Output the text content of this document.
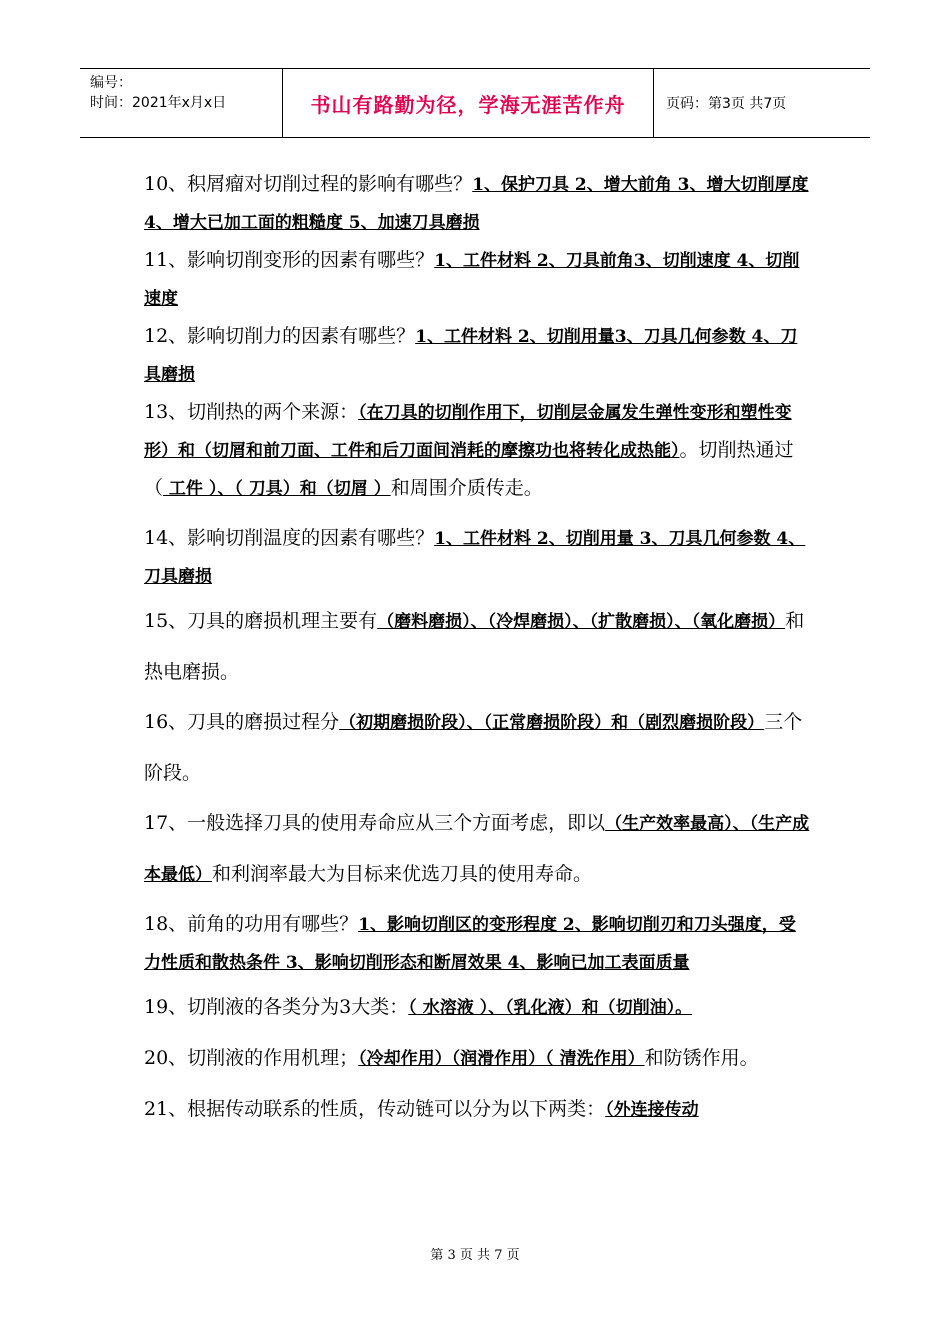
编号：
时间：2021年x月x日	书山有路勤为径，学海无涯苦作舟	页码：第3页 共7页

10、积屑瘤对切削过程的影响有哪些？1、保护刀具 2、增大前角 3、增大切削厚度 4、增大已加工面的粗糙度 5、加速刀具磨损

11、影响切削变形的因素有哪些？1、工件材料 2、刀具前角3、切削速度 4、切削速度

12、影响切削力的因素有哪些？1、工件材料 2、切削用量3、刀具几何参数 4、刀具磨损

13、切削热的两个来源：（在刀具的切削作用下，切削层金属发生弹性变形和塑性变形）和（切屑和前刀面、工件和后刀面间消耗的摩擦功也将转化成热能）。切削热通过（ 工件 ）、（ 刀具）和（切屑 ）和周围介质传走。

14、影响切削温度的因素有哪些？1、工件材料 2、切削用量 3、刀具几何参数 4、刀具磨损

15、刀具的磨损机理主要有（磨料磨损）、（冷焊磨损）、（扩散磨损）、（氧化磨损）和热电磨损。

16、刀具的磨损过程分（初期磨损阶段）、（正常磨损阶段）和（剧烈磨损阶段）三个阶段。

17、一般选择刀具的使用寿命应从三个方面考虑，即以（生产效率最高）、（生产成本最低）和利润率最大为目标来优选刀具的使用寿命。

18、前角的功用有哪些？1、影响切削区的变形程度 2、影响切削刃和刀头强度，受力性质和散热条件 3、影响切削形态和断屑效果 4、影响已加工表面质量

19、切削液的各类分为3大类：（ 水溶液 ）、（乳化液）和（切削油）。

20、切削液的作用机理；（冷却作用）（润滑作用）（ 清洗作用）和防锈作用。

21、根据传动联系的性质，传动链可以分为以下两类：（外连接传动

第 3 页 共 7 页
